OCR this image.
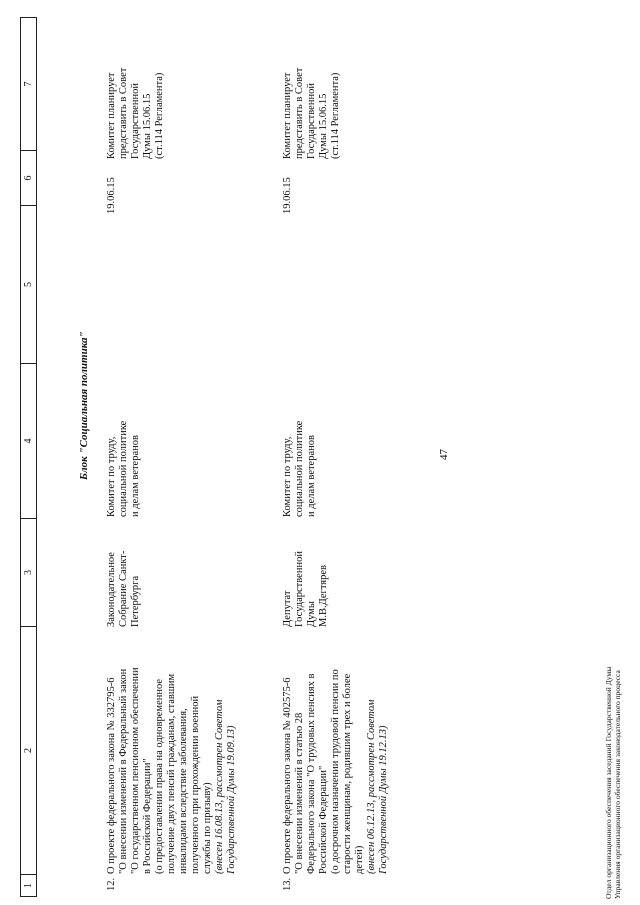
47
1
2
3
4
5
6
7
Блок "Социальная политика"
12.
О проекте федерального закона № 332795-6 "О внесении изменений в Федеральный закон "О государственном пенсионном обеспечении в Российской Федерации" (о предоставлении права на одновременное получение двух пенсий гражданам, ставшим инвалидами вследствие заболевания, полученного при прохождении военной службы по призыву) (внесен 16.08.13, рассмотрен Советом Государственной Думы 19.09.13)
Законодательное Собрание Санкт- Петербурга
Комитет по труду, социальной политике и делам ветеранов
19.06.15
Комитет планирует представить в Совет Государственной Думы 15.06.15 (ст.114 Регламента)
13.
О проекте федерального закона № 402575-6 "О внесении изменений в статью 28 Федерального закона "О трудовых пенсиях в Российской Федерации" (о досрочном назначении трудовой пенсии по старости женщинам, родившим трех и более детей) (внесен 06.12.13, рассмотрен Советом Государственной Думы 19.12.13)
Депутат Государственной Думы М.В.Дегтярев
Комитет по труду, социальной политике и делам ветеранов
19.06.15
Комитет планирует представить в Совет Государственной Думы 15.06.15 (ст.114 Регламента)
Отдел организационного обеспечения заседаний Государственной Думы Управления организационного обеспечения законодательного процесса
